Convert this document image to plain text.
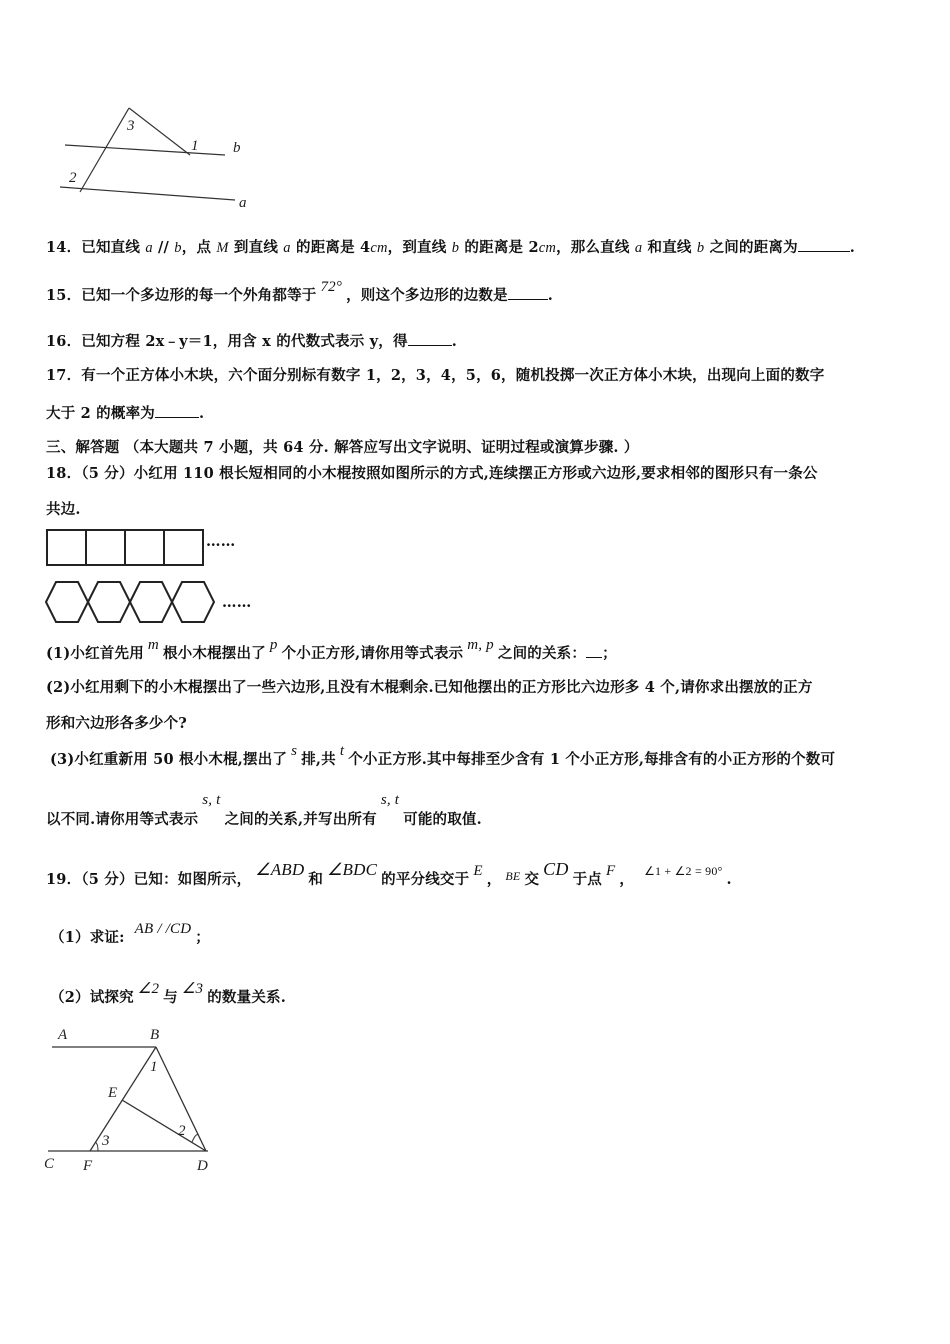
3
1
2
b
a
14．已知直线 a // b，点 M 到直线 a 的距离是 4cm，到直线 b 的距离是 2cm，那么直线 a 和直线 b 之间的距离为	.
15．已知一个多边形的每一个外角都等于 72° ，则这个多边形的边数是	.
16．已知方程 2x﹣y＝1，用含 x 的代数式表示 y，得	.
17．有一个正方体小木块，六个面分别标有数字 1，2，3，4，5，6，随机投掷一次正方体小木块，出现向上面的数字
大于 2 的概率为	.
三、解答题 （本大题共 7 小题，共 64 分. 解答应写出文字说明、证明过程或演算步骤. ）
18．（5 分）小红用 110 根长短相同的小木棍按照如图所示的方式,连续摆正方形或六边形,要求相邻的图形只有一条公
共边.
……
……
(1)小红首先用 m 根小木棍摆出了 p 个小正方形,请你用等式表示 m, p 之间的关系： ；
(2)小红用剩下的小木棍摆出了一些六边形,且没有木棍剩余.已知他摆出的正方形比六边形多 4 个,请你求出摆放的正方
形和六边形各多少个?
(3)小红重新用 50 根小木棍,摆出了 s 排,共 t 个小正方形.其中每排至少含有 1 个小正方形,每排含有的小正方形的个数可
以不同.请你用等式表示s, t之间的关系,并写出所有s, t可能的取值.
19．（5 分）已知：如图所示，∠ABD和∠BDC的平分线交于 E ， $^{BE}$ 交CD于点 F ， $^{\angle 1 + \angle 2 = 90^\circ}$ .
（1）求证: AB / /CD ；
（2）试探究 ∠2 与 ∠3 的数量关系.
A	B
C	D
E
F
1
2
3
